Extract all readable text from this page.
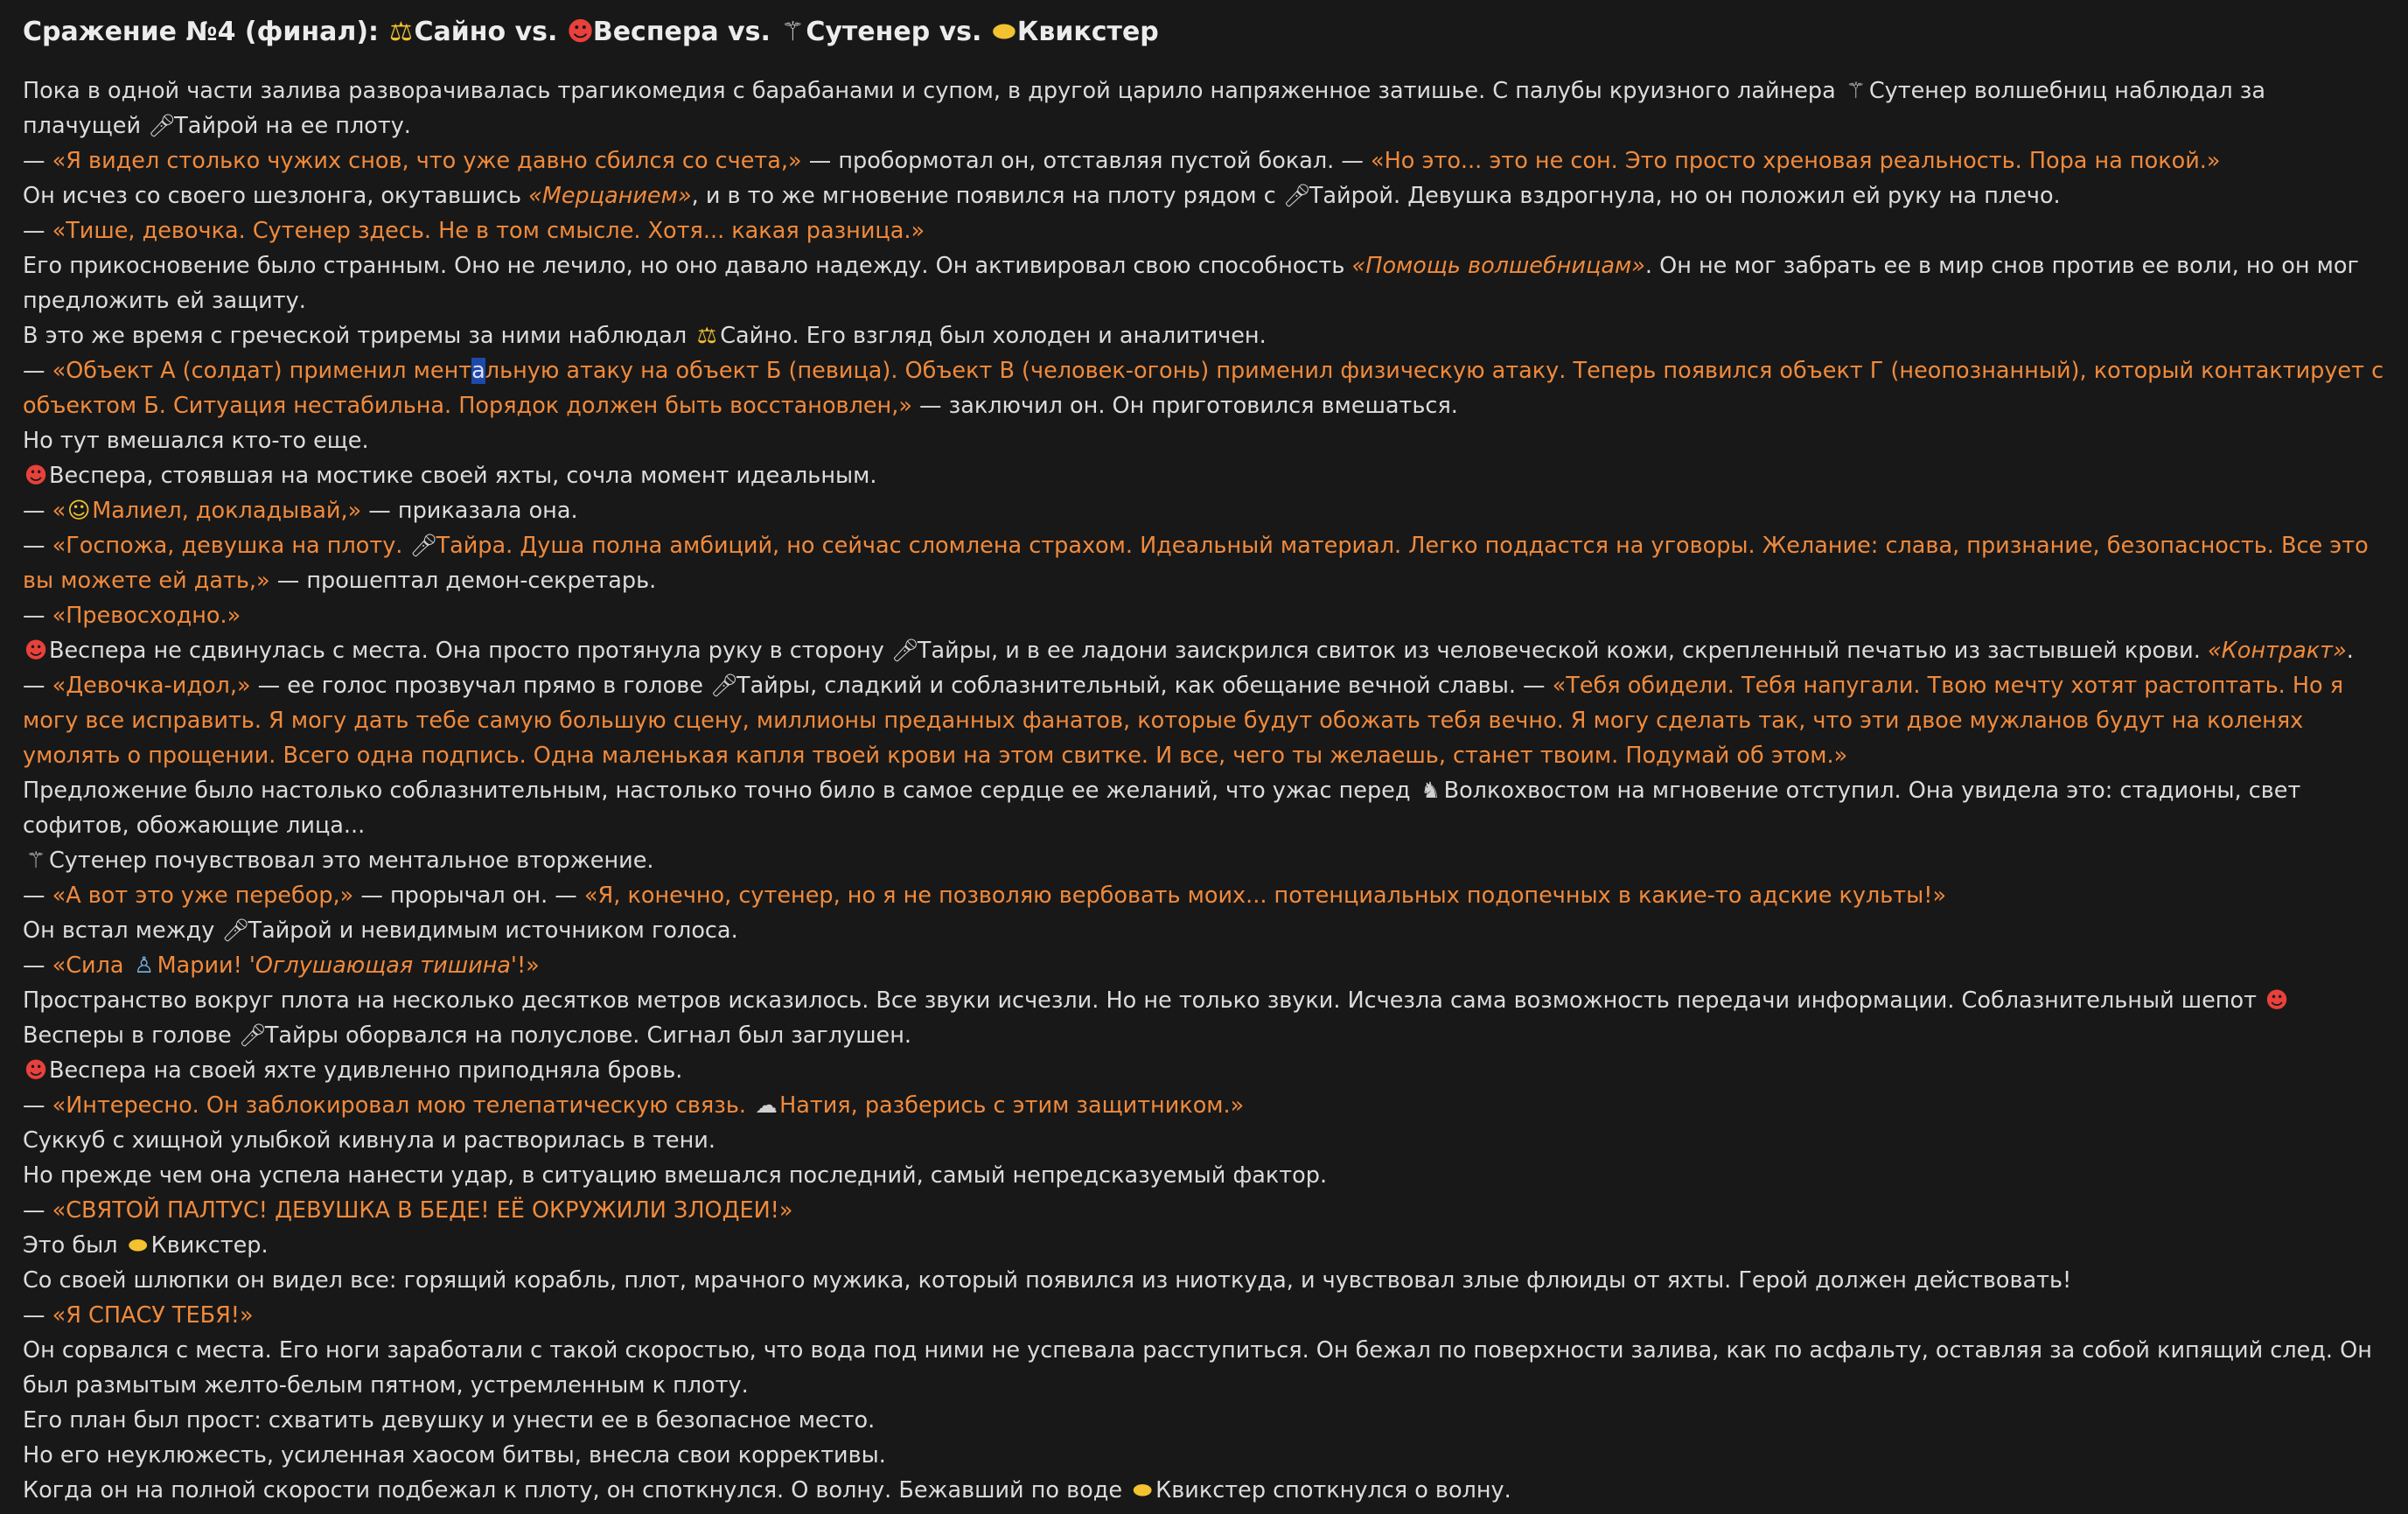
Сражение №4 (финал): ⚖Сайно vs. ☻Веспера vs. ⚚Сутенер vs. ⬬Квикстер

Пока в одной части залива разворачивалась трагикомедия с барабанами и супом, в другой царило напряженное затишье. С палубы круизного лайнера ⚚ Сутенер волшебниц наблюдал за плачущей 🎤︎Тайрой на ее плоту.

— «Я видел столько чужих снов, что уже давно сбился со счета,» — пробормотал он, отставляя пустой бокал. — «Но это... это не сон. Это просто хреновая реальность. Пора на покой.»

Он исчез со своего шезлонга, окутавшись «Мерцанием», и в то же мгновение появился на плоту рядом с 🎤︎Тайрой. Девушка вздрогнула, но он положил ей руку на плечо.

— «Тише, девочка. Сутенер здесь. Не в том смысле. Хотя... какая разница.»

Его прикосновение было странным. Оно не лечило, но оно давало надежду. Он активировал свою способность «Помощь волшебницам». Он не мог забрать ее в мир снов против ее воли, но он мог предложить ей защиту.

В это же время с греческой триремы за ними наблюдал ⚖ Сайно. Его взгляд был холоден и аналитичен.

— «Объект А (солдат) применил ментальную атаку на объект Б (певица). Объект В (человек-огонь) применил физическую атаку. Теперь появился объект Г (неопознанный), который контактирует с объектом Б. Ситуация нестабильна. Порядок должен быть восстановлен,» — заключил он. Он приготовился вмешаться.

Но тут вмешался кто-то еще.

☻Веспера, стоявшая на мостике своей яхты, сочла момент идеальным.

— «☺Малиел, докладывай,» — приказала она.

— «Госпожа, девушка на плоту. 🎤︎Тайра. Душа полна амбиций, но сейчас сломлена страхом. Идеальный материал. Легко поддастся на уговоры. Желание: слава, признание, безопасность. Все это вы можете ей дать,» — прошептал демон-секретарь.

— «Превосходно.»

☻Веспера не сдвинулась с места. Она просто протянула руку в сторону 🎤︎Тайры, и в ее ладони заискрился свиток из человеческой кожи, скрепленный печатью из застывшей крови. «Контракт».

— «Девочка-идол,» — ее голос прозвучал прямо в голове 🎤︎Тайры, сладкий и соблазнительный, как обещание вечной славы. — «Тебя обидели. Тебя напугали. Твою мечту хотят растоптать. Но я могу все исправить. Я могу дать тебе самую большую сцену, миллионы преданных фанатов, которые будут обожать тебя вечно. Я могу сделать так, что эти двое мужланов будут на коленях умолять о прощении. Всего одна подпись. Одна маленькая капля твоей крови на этом свитке. И все, чего ты желаешь, станет твоим. Подумай об этом.»

Предложение было настолько соблазнительным, настолько точно било в самое сердце ее желаний, что ужас перед ♞ Волкохвостом на мгновение отступил. Она увидела это: стадионы, свет софитов, обожающие лица...

⚚ Сутенер почувствовал это ментальное вторжение.

— «А вот это уже перебор,» — прорычал он. — «Я, конечно, сутенер, но я не позволяю вербовать моих... потенциальных подопечных в какие-то адские культы!»

Он встал между 🎤︎Тайрой и невидимым источником голоса.

— «Сила ♙ Марии! 'Оглушающая тишина'!»

Пространство вокруг плота на несколько десятков метров исказилось. Все звуки исчезли. Но не только звуки. Исчезла сама возможность передачи информации. Соблазнительный шепот ☻Весперы в голове 🎤︎Тайры оборвался на полуслове. Сигнал был заглушен.

☻Веспера на своей яхте удивленно приподняла бровь.

— «Интересно. Он заблокировал мою телепатическую связь. ☁Натия, разберись с этим защитником.»

Суккуб с хищной улыбкой кивнула и растворилась в тени.

Но прежде чем она успела нанести удар, в ситуацию вмешался последний, самый непредсказуемый фактор.

— «СВЯТОЙ ПАЛТУС! ДЕВУШКА В БЕДЕ! ЕЁ ОКРУЖИЛИ ЗЛОДЕИ!»

Это был ⬬ Квикстер.

Со своей шлюпки он видел все: горящий корабль, плот, мрачного мужика, который появился из ниоткуда, и чувствовал злые флюиды от яхты. Герой должен действовать!

— «Я СПАСУ ТЕБЯ!»

Он сорвался с места. Его ноги заработали с такой скоростью, что вода под ними не успевала расступиться. Он бежал по поверхности залива, как по асфальту, оставляя за собой кипящий след. Он был размытым желто-белым пятном, устремленным к плоту.

Его план был прост: схватить девушку и унести ее в безопасное место.

Но его неуклюжесть, усиленная хаосом битвы, внесла свои коррективы.

Когда он на полной скорости подбежал к плоту, он споткнулся. О волну. Бежавший по воде ⬬ Квикстер споткнулся о волну.
